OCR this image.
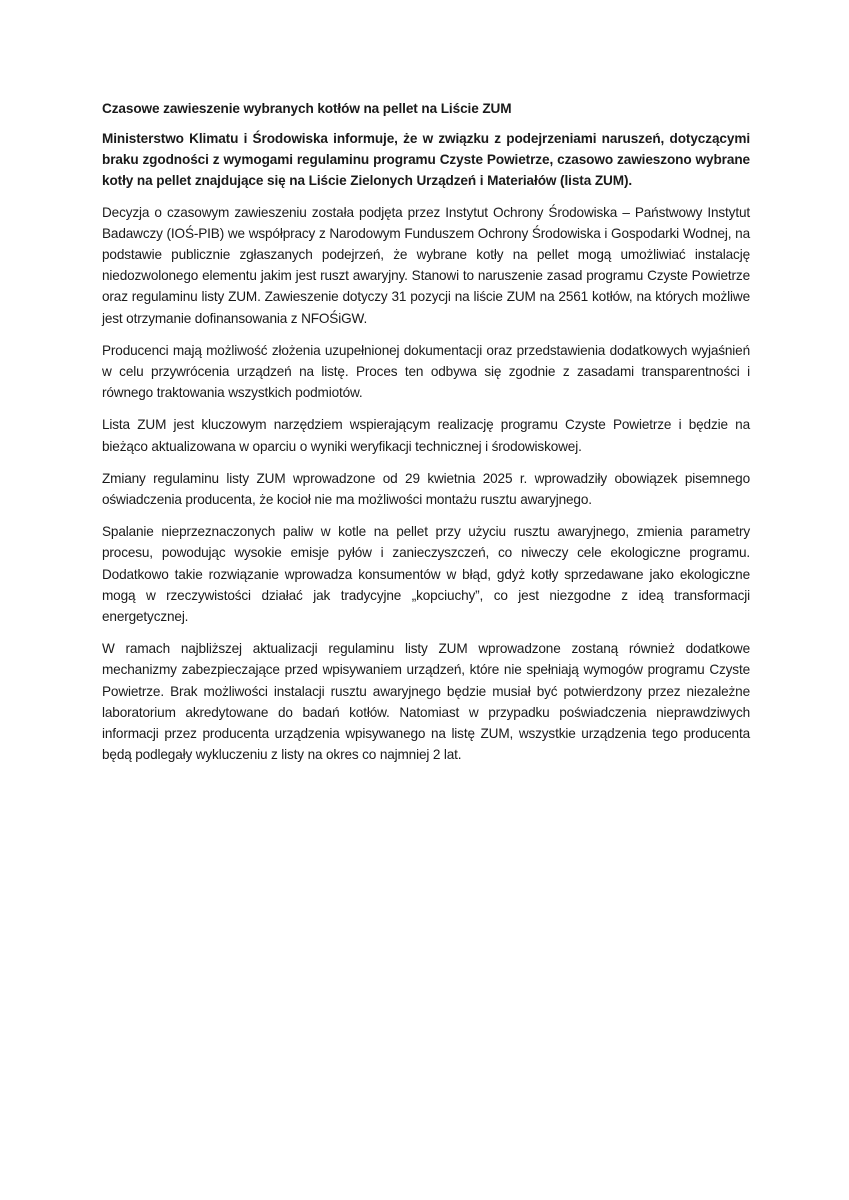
Czasowe zawieszenie wybranych kotłów na pellet na Liście ZUM
Ministerstwo Klimatu i Środowiska informuje, że w związku z podejrzeniami naruszeń, dotyczącymi braku zgodności z wymogami regulaminu programu Czyste Powietrze, czasowo zawieszono wybrane kotły na pellet znajdujące się na Liście Zielonych Urządzeń i Materiałów (lista ZUM).
Decyzja o czasowym zawieszeniu została podjęta przez Instytut Ochrony Środowiska – Państwowy Instytut Badawczy (IOŚ-PIB) we współpracy z Narodowym Funduszem Ochrony Środowiska i Gospodarki Wodnej, na podstawie publicznie zgłaszanych podejrzeń, że wybrane kotły na pellet mogą umożliwiać instalację niedozwolonego elementu jakim jest ruszt awaryjny. Stanowi to naruszenie zasad programu Czyste Powietrze oraz regulaminu listy ZUM. Zawieszenie dotyczy 31 pozycji na liście ZUM na 2561 kotłów, na których możliwe jest otrzymanie dofinansowania z NFOŚiGW.
Producenci mają możliwość złożenia uzupełnionej dokumentacji oraz przedstawienia dodatkowych wyjaśnień w celu przywrócenia urządzeń na listę. Proces ten odbywa się zgodnie z zasadami transparentności i równego traktowania wszystkich podmiotów.
Lista ZUM jest kluczowym narzędziem wspierającym realizację programu Czyste Powietrze i będzie na bieżąco aktualizowana w oparciu o wyniki weryfikacji technicznej i środowiskowej.
Zmiany regulaminu listy ZUM wprowadzone od 29 kwietnia 2025 r. wprowadziły obowiązek pisemnego oświadczenia producenta, że kocioł nie ma możliwości montażu rusztu awaryjnego.
Spalanie nieprzeznaczonych paliw w kotle na pellet przy użyciu rusztu awaryjnego, zmienia parametry procesu, powodując wysokie emisje pyłów i zanieczyszczeń, co niweczy cele ekologiczne programu. Dodatkowo takie rozwiązanie wprowadza konsumentów w błąd, gdyż kotły sprzedawane jako ekologiczne mogą w rzeczywistości działać jak tradycyjne „kopciuchy”, co jest niezgodne z ideą transformacji energetycznej.
W ramach najbliższej aktualizacji regulaminu listy ZUM wprowadzone zostaną również dodatkowe mechanizmy zabezpieczające przed wpisywaniem urządzeń, które nie spełniają wymogów programu Czyste Powietrze. Brak możliwości instalacji rusztu awaryjnego będzie musiał być potwierdzony przez niezależne laboratorium akredytowane do badań kotłów. Natomiast w przypadku poświadczenia nieprawdziwych informacji przez producenta urządzenia wpisywanego na listę ZUM, wszystkie urządzenia tego producenta będą podlegały wykluczeniu z listy na okres co najmniej 2 lat.
